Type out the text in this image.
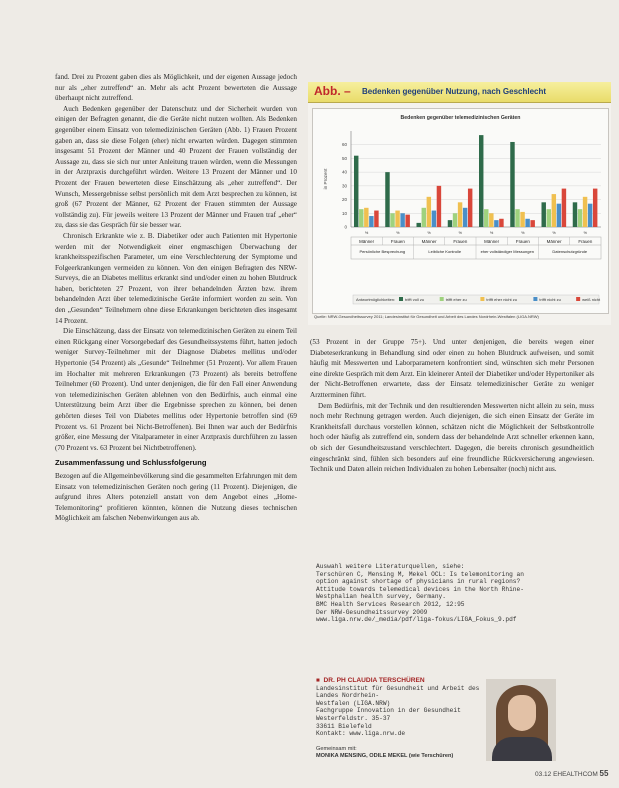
fand. Drei zu Prozent gaben dies als Möglichkeit, und der eigenen Aussage jedoch nur als „eher zutreffend“ an. Mehr als acht Prozent bewerteten die Aussage überhaupt nicht zutreffend.

Auch Bedenken gegenüber der Datenschutz und der Sicherheit wurden von einigen der Befragten genannt, die die Geräte nicht nutzen wollten. Als Bedenken gegenüber einem Einsatz von telemedizinischen Geräten (Abb. 1) Frauen Prozent gaben an, dass sie diese Folgen (eher) nicht erwarten würden. Dagegen stimmten insgesamt 51 Prozent der Männer und 40 Prozent der Frauen vollständig der Aussage zu, dass sie sich nur unter Anleitung trauen würden, wenn die Messungen in der Arztpraxis durchgeführt würden. Weitere 13 Prozent der Männer und 10 Prozent der Frauen bewerteten diese Einschätzung als „eher zutreffend“. Der Wunsch, Messergebnisse selbst persönlich mit dem Arzt besprechen zu können, ist groß (67 Prozent der Männer, 62 Prozent der Frauen stimmten der Aussage vollständig zu). Für jeweils weitere 13 Prozent der Männer und Frauen traf „eher“ zu, dass sie das Gespräch für sie besser war.

Chronisch Erkrankte wie z. B. Diabetiker oder auch Patienten mit Hypertonie werden mit der Notwendigkeit einer engmaschigen Überwachung der krankheitsspezifischen Parameter, um eine Verschlechterung der Symptome und Folgeerkrankungen vermeiden zu können. Von den einigen Befragten des NRW-Surveys, die an Diabetes mellitus erkrankt sind und/oder einen zu hohen Blutdruck haben, berichteten 27 Prozent, von ihrer behandelnden Ärzten bzw. ihrem behandelnden Arzt über telemedizinische Geräte informiert worden zu sein. Von den „Gesunden“ Teilnehmern ohne diese Erkrankungen berichteten dies insgesamt 14 Prozent.

Die Einschätzung, dass der Einsatz von telemedizinischen Geräten zu einem Teil einen Rückgang einer Vorsorgebedarf des Gesundheitssystems führt, hatten jedoch weniger Survey-Teilnehmer mit der Diagnose Diabetes mellitus und/oder Hypertonie (54 Prozent) als „Gesunde“ Teilnehmer (51 Prozent). Vor allem Frauen im Hochalter mit mehreren Erkrankungen (73 Prozent) als bereits betroffene Teilnehmer (60 Prozent). Und unter denjenigen, die für den Fall einer Anwendung von telemedizinischen Geräten ablehnen von den Bedürfnis, auch einmal eine Unterstützung beim Arzt über die Ergebnisse sprechen zu können, bei denen gehörten dieses Teil von Diabetes mellitus oder Hypertonie betroffen sind (69 Prozent vs. 61 Prozent bei Nicht-Betroffenen). Bei Ihnen war auch der Bedürfnis größer, eine Messung der Vitalparameter in einer Arztpraxis durchführen zu lassen (70 Prozent vs. 63 Prozent bei Nichtbetroffenen).

Zusammenfassung und Schlussfolgerung

Bezogen auf die Allgemeinbevölkerung sind die gesammelten Erfahrungen mit dem Einsatz von telemedizinischen Geräten noch gering (11 Prozent). Diejenigen, die aufgrund ihres Alters potenziell anstatt von dem Angebot eines „Home-Telemonitoring“ profitieren könnten, können die Nutzung dieses technischen Möglichkeit am falschen Nebenwirkungen aus ab.

Abb. – Bedenken gegenüber Nutzung, nach Geschlecht
Bedenken gegenüber telemedizinischen Geräten
0
10
20
30
40
50
60
in Prozent
%	%	%	%	%	%	%	%
Männer	Frauen	Männer	Frauen	Männer	Frauen	Männer	Frauen
Persönliche Besprechung	Leibliche Kontrolle	eher vollständiger Messungen	Datenschutzgründe
Antwortmöglichkeiten: trifft voll zu	trifft eher zu	trifft eher nicht zu	trifft nicht zu	weiß nicht
Quelle: NRW-Gesundheitssurvey 2011; Landesinstitut für Gesundheit und Arbeit des Landes Nordrhein-Westfalen (LIGA.NRW)

(53 Prozent in der Gruppe 75+). Und unter denjenigen, die bereits wegen einer Diabeteserkrankung in Behandlung sind oder einen zu hohen Blutdruck aufweisen, und somit häufig mit Messwerten und Laborparametern konfrontiert sind, wünschten sich mehr Personen eine direkte Gespräch mit dem Arzt. Ein kleinerer Anteil der Diabetiker und/oder Hypertoniker als der Nicht-Betroffenen erwartete, dass der Einsatz telemedizinischer Geräte zu weniger Arztterminen führt.

Dem Bedürfnis, mit der Technik und den resultierenden Messwerten nicht allein zu sein, muss noch mehr Rechnung getragen werden. Auch diejenigen, die sich einen Einsatz der Geräte im Krankheitsfall durchaus vorstellen können, schätzen nicht die Möglichkeit der Selbstkontrolle hoch oder häufig als zutreffend ein, sondern dass der behandelnde Arzt schneller erkennen kann, ob sich der Gesundheitszustand verschlechtert. Dagegen, die bereits chronisch gesundheitlich eingeschränkt sind, fühlen sich besonders auf eine freundliche Rückversicherung angewiesen. Technik und Daten allein reichen Individualen zu hohen Lebensalter (noch) nicht aus.

Auswahl weitere Literaturquellen, siehe:
Terschüren C, Mensing M, Mekel OCL: Is telemonitoring an
option against shortage of physicians in rural regions?
Attitude towards telemedical devices in the North Rhine-
Westphalian health survey, Germany.
BMC Health Services Research 2012, 12:95
Der NRW-Gesundheitssurvey 2009
www.liga.nrw.de/_media/pdf/liga-fokus/LIGA_Fokus_9.pdf
■ DR. PH CLAUDIA TERSCHÜREN
Landesinstitut für Gesundheit und Arbeit des Landes Nordrhein-
Westfalen (LIGA.NRW)
Fachgruppe Innovation in der Gesundheit
Westerfeldstr. 35-37
33611 Bielefeld
Kontakt: www.liga.nrw.de
Gemeinsam mit:
MONIKA MENSING, ODILE MEKEL (wie Terschüren)
03.12 EHEALTHCOM 55
